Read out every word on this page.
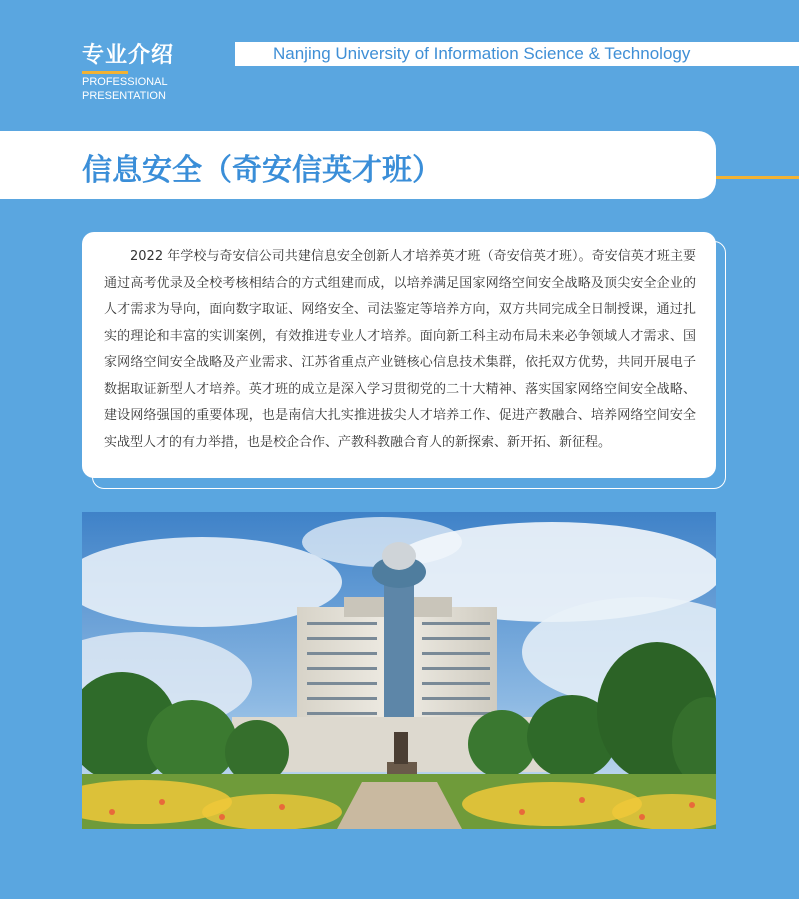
专业介绍
PROFESSIONAL
PRESENTATION
Nanjing University of Information Science & Technology
信息安全（奇安信英才班）

2022 年学校与奇安信公司共建信息安全创新人才培养英才班（奇安信英才班）。奇安信英才班主要通过高考优录及全校考核相结合的方式组建而成，以培养满足国家网络空间安全战略及顶尖安全企业的人才需求为导向，面向数字取证、网络安全、司法鉴定等培养方向，双方共同完成全日制授课，通过扎实的理论和丰富的实训案例，有效推进专业人才培养。面向新工科主动布局未来必争领域人才需求、国家网络空间安全战略及产业需求、江苏省重点产业链核心信息技术集群，依托双方优势，共同开展电子数据取证新型人才培养。英才班的成立是深入学习贯彻党的二十大精神、落实国家网络空间安全战略、建设网络强国的重要体现，也是南信大扎实推进拔尖人才培养工作、促进产教融合、培养网络空间安全实战型人才的有力举措，也是校企合作、产教科教融合育人的新探索、新开拓、新征程。
